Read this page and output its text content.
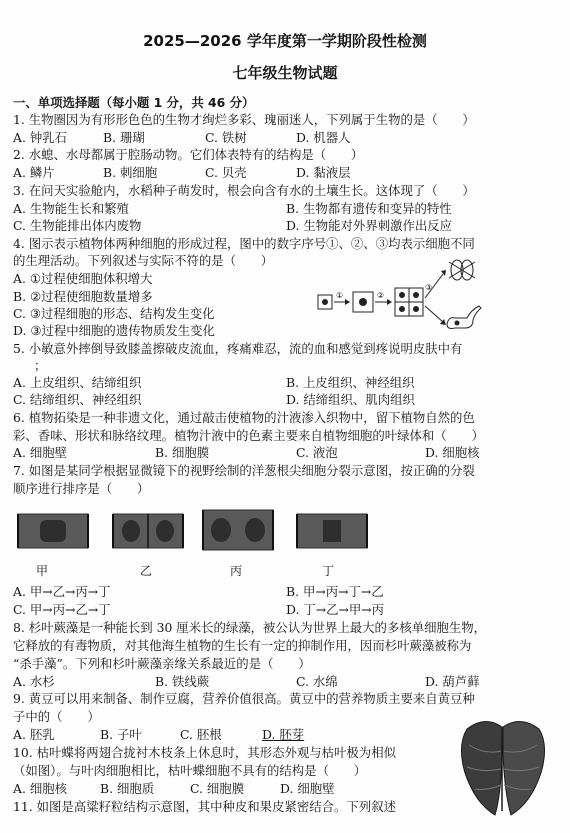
2025—2026 学年度第一学期阶段性检测
七年级生物试题
一、单项选择题（每小题 1 分，共 46 分）
1. 生物圈因为有形形色色的生物才绚烂多彩、瑰丽迷人，下列属于生物的是（　　）
A. 钟乳石	B. 珊瑚	C. 铁树	D. 机器人
2. 水螅、水母都属于腔肠动物。它们体表特有的结构是（　　）
A. 鳞片	B. 刺细胞	C. 贝壳	D. 黏液层
3. 在问天实验舱内，水稻种子萌发时，根会向含有水的土壤生长。这体现了（　　）
A. 生物能生长和繁殖	B. 生物都有遗传和变异的特性
C. 生物能排出体内废物	D. 生物能对外界刺激作出反应
4. 图示表示植物体两种细胞的形成过程，图中的数字序号①、②、③均表示细胞不同
的生理活动。下列叙述与实际不符的是（　　）
A. ①过程使细胞体积增大
B. ②过程使细胞数量增多
C. ③过程细胞的形态、结构发生变化
D. ③过程中细胞的遗传物质发生变化
①	②
③
5. 小敏意外摔倒导致膝盖擦破皮流血，疼痛难忍，流的血和感觉到疼说明皮肤中有
；
A. 上皮组织、结缔组织	B. 上皮组织、神经组织
C. 结缔组织、神经组织	D. 结缔组织、肌肉组织
6. 植物拓染是一种非遗文化，通过敲击使植物的汁液渗入织物中，留下植物自然的色
彩、香味、形状和脉络纹理。植物汁液中的色素主要来自植物细胞的叶绿体和（　　）
A. 细胞壁	B. 细胞膜	C. 液泡	D. 细胞核
7. 如图是某同学根据显微镜下的视野绘制的洋葱根尖细胞分裂示意图，按正确的分裂
顺序进行排序是（　　）
甲	乙	丙	丁
A. 甲→乙→丙→丁	B. 甲→丙→丁→乙
C. 甲→丙→乙→丁	D. 丁→乙→甲→丙
8. 杉叶蕨藻是一种能长到 30 厘米长的绿藻，被公认为世界上最大的多核单细胞生物，
它释放的有毒物质，对其他海生植物的生长有一定的抑制作用，因而杉叶蕨藻被称为
“杀手藻”。下列和杉叶蕨藻亲缘关系最近的是（　　）
A. 水杉	B. 铁线蕨	C. 水绵	D. 葫芦藓
9. 黄豆可以用来制备、制作豆腐，营养价值很高。黄豆中的营养物质主要来自黄豆种
子中的（　　）
A. 胚乳	B. 子叶	C. 胚根	D. 胚芽
10. 枯叶蝶将两翅合拢衬木枝条上休息时，其形态外观与枯叶极为相似
（如图）。与叶肉细胞相比，枯叶蝶细胞不具有的结构是（　　）
A. 细胞核	B. 细胞质	C. 细胞膜	D. 细胞壁
11. 如图是高粱籽粒结构示意图，其中种皮和果皮紧密结合。下列叙述
